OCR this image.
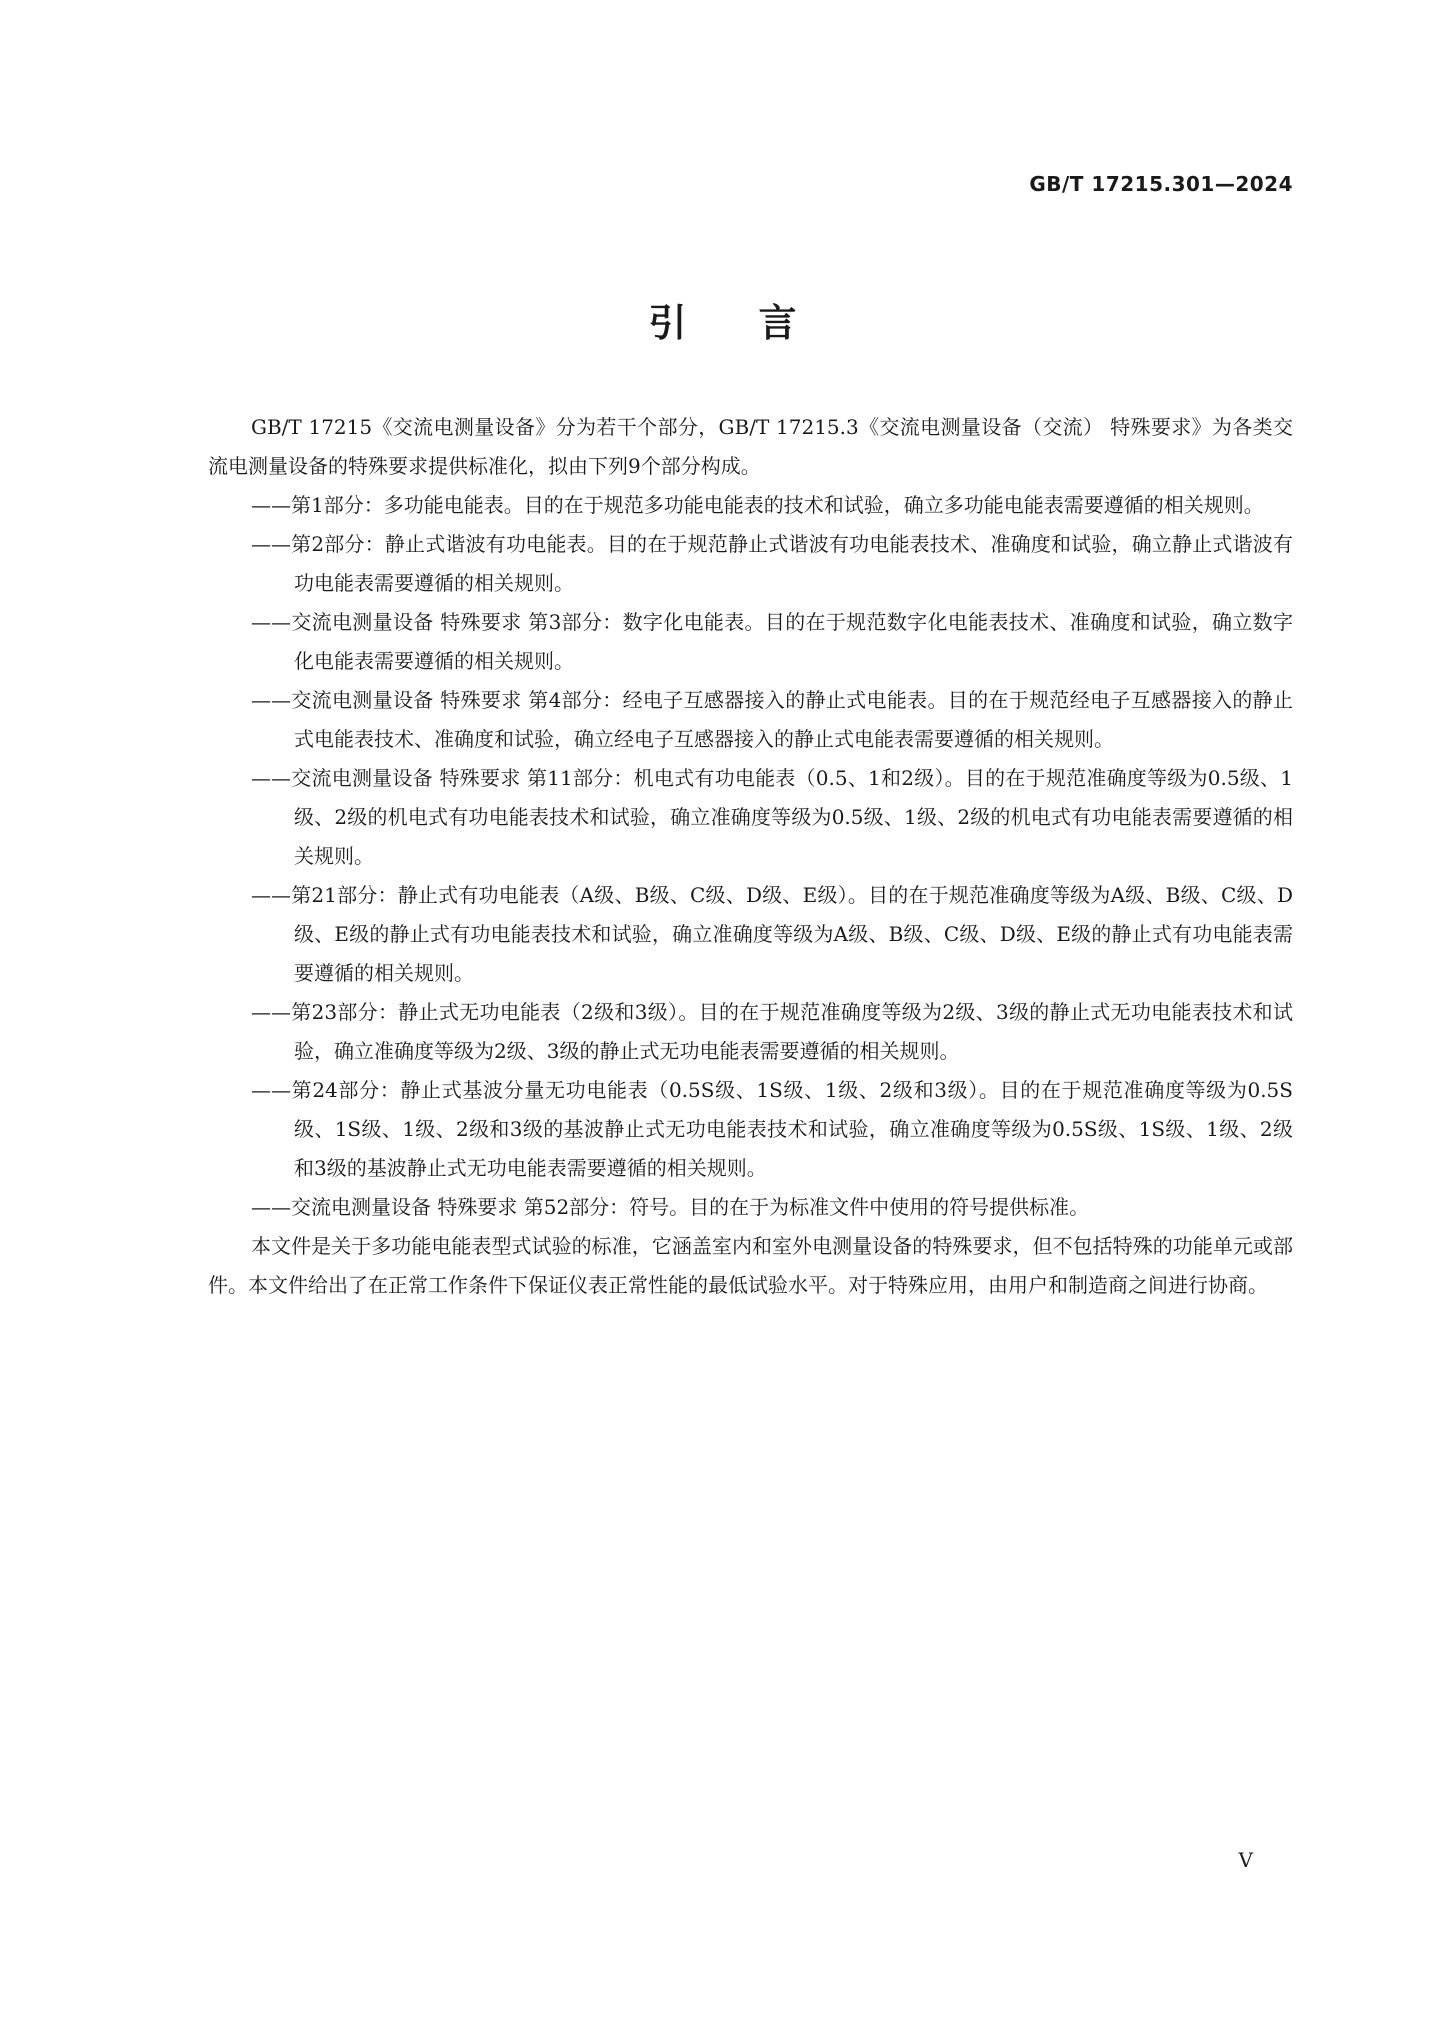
GB/T 17215.301—2024
引言

GB/T 17215《交流电测量设备》分为若干个部分，GB/T 17215.3《交流电测量设备（交流） 特殊要求》为各类交流电测量设备的特殊要求提供标准化，拟由下列9个部分构成。

——第1部分：多功能电能表。目的在于规范多功能电能表的技术和试验，确立多功能电能表需要遵循的相关规则。
——第2部分：静止式谐波有功电能表。目的在于规范静止式谐波有功电能表技术、准确度和试验，确立静止式谐波有功电能表需要遵循的相关规则。
——交流电测量设备 特殊要求 第3部分：数字化电能表。目的在于规范数字化电能表技术、准确度和试验，确立数字化电能表需要遵循的相关规则。
——交流电测量设备 特殊要求 第4部分：经电子互感器接入的静止式电能表。目的在于规范经电子互感器接入的静止式电能表技术、准确度和试验，确立经电子互感器接入的静止式电能表需要遵循的相关规则。
——交流电测量设备 特殊要求 第11部分：机电式有功电能表（0.5、1和2级）。目的在于规范准确度等级为0.5级、1级、2级的机电式有功电能表技术和试验，确立准确度等级为0.5级、1级、2级的机电式有功电能表需要遵循的相关规则。
——第21部分：静止式有功电能表（A级、B级、C级、D级、E级）。目的在于规范准确度等级为A级、B级、C级、D级、E级的静止式有功电能表技术和试验，确立准确度等级为A级、B级、C级、D级、E级的静止式有功电能表需要遵循的相关规则。
——第23部分：静止式无功电能表（2级和3级）。目的在于规范准确度等级为2级、3级的静止式无功电能表技术和试验，确立准确度等级为2级、3级的静止式无功电能表需要遵循的相关规则。
——第24部分：静止式基波分量无功电能表（0.5S级、1S级、1级、2级和3级）。目的在于规范准确度等级为0.5S级、1S级、1级、2级和3级的基波静止式无功电能表技术和试验，确立准确度等级为0.5S级、1S级、1级、2级和3级的基波静止式无功电能表需要遵循的相关规则。
——交流电测量设备 特殊要求 第52部分：符号。目的在于为标准文件中使用的符号提供标准。

本文件是关于多功能电能表型式试验的标准，它涵盖室内和室外电测量设备的特殊要求，但不包括特殊的功能单元或部件。本文件给出了在正常工作条件下保证仪表正常性能的最低试验水平。对于特殊应用，由用户和制造商之间进行协商。

V
